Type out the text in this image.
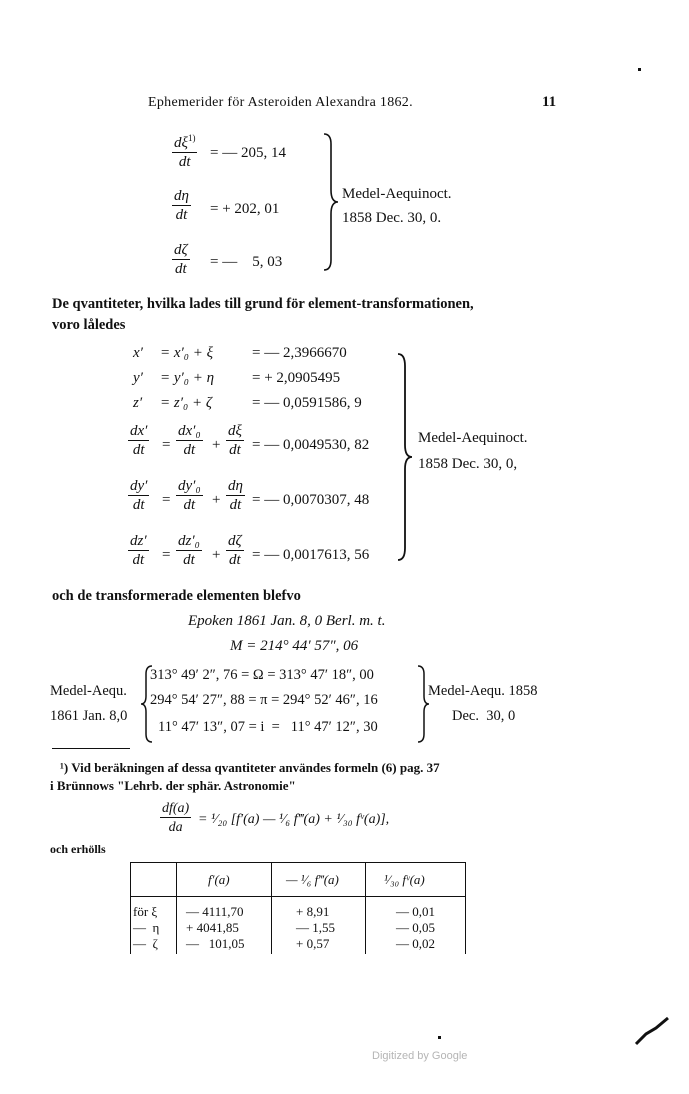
Ephemerider för Asteroiden Alexandra 1862.	11
$\frac{d\xi^{1)}}{dt}$ = — 205, 14
$\frac{d\eta}{dt}$ = + 202, 01
$\frac{d\zeta}{dt}$ = —    5, 03
Medel-Aequinoct.
1858 Dec. 30, 0.
De qvantiteter, hvilka lades till grund för element-transformationen,
voro låledes
x′ = x′₀ + ξ	= — 2,3966670
y′ = y′₀ + η	= + 2,0905495
z′ = z′₀ + ζ	= — 0,0591586, 9
$\frac{dx'}{dt} = \frac{\text{dx′₀}}{dt} + \frac{d\xi}{dt}$ = — 0,0049530, 82
$\frac{dy'}{dt} = \frac{\text{dy′₀}}{dt} + \frac{d\eta}{dt}$ = — 0,0070307, 48
$\frac{dz'}{dt} = \frac{\text{dz′₀}}{dt} + \frac{d\zeta}{dt}$ = — 0,0017613, 56
Medel-Aequinoct.
1858 Dec. 30, 0,
och de transformerade elementen blefvo
Epoken 1861 Jan. 8, 0 Berl. m. t.
M = 214° 44′ 57″, 06
Medel-Aequ.
1861 Jan. 8,0
313° 49′ 2″, 76 = Ω = 313° 47′ 18″, 00
294° 54′ 27″, 88 = π = 294° 52′ 46″, 16
11° 47′ 13″, 07 = i  =   11° 47′ 12″, 30
Medel-Aequ. 1858
Dec.  30, 0
¹) Vid beräkningen af dessa qvantiteter användes formeln (6) pag. 37
i Brünnows "Lehrb. der sphär. Astronomie"
$\frac{df(a)}{da}$ = ¹⁄₂₀ [f′(a) — ¹⁄₆ f‴(a) + ¹⁄₃₀ fᵛ(a)],
och erhölls
f′(a)	— ¹⁄₆ f‴(a)	¹⁄₃₀ fᵛ(a)
för ξ — 4111,70	+ 8,91	— 0,01
—  η + 4041,85	— 1,55	— 0,05
—  ζ —   101,05	+ 0,57	— 0,02
Digitized by Google
